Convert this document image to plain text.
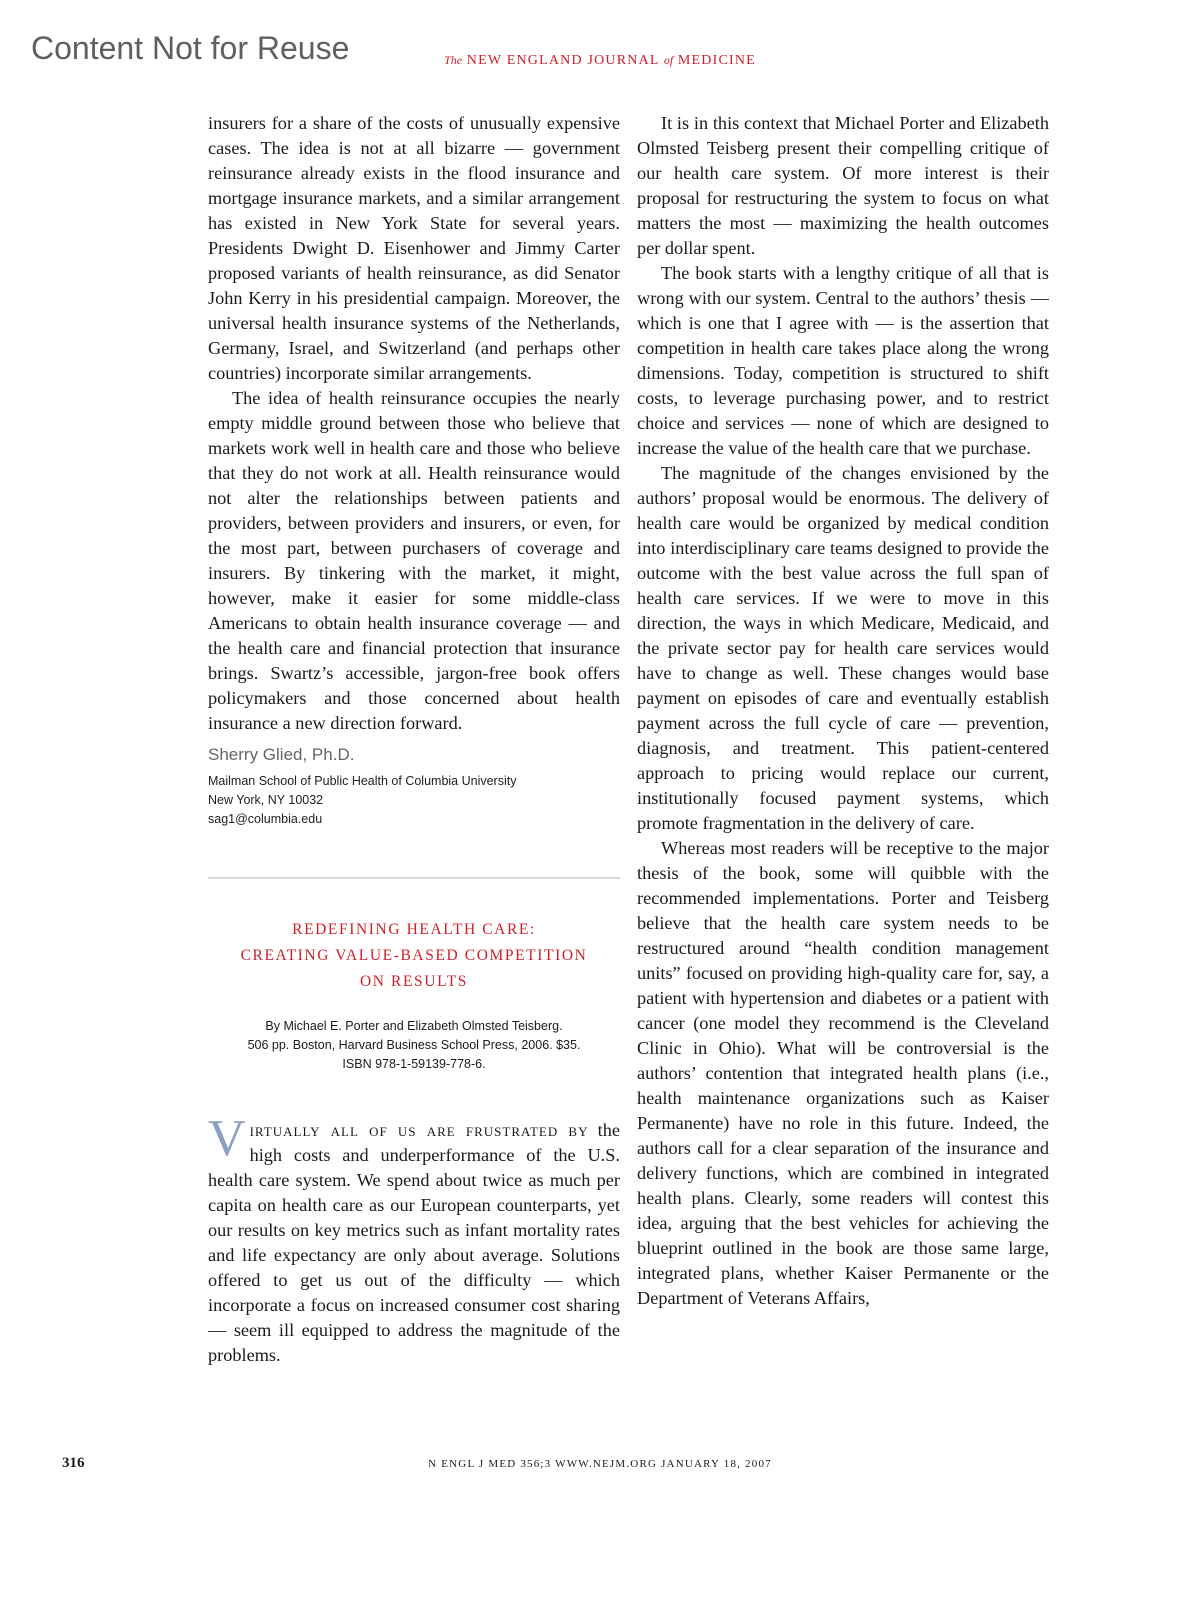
Content Not for Reuse	The NEW ENGLAND JOURNAL of MEDICINE

insurers for a share of the costs of unusually expensive cases. The idea is not at all bizarre — government reinsurance already exists in the flood insurance and mortgage insurance markets, and a similar arrangement has existed in New York State for several years. Presidents Dwight D. Eisenhower and Jimmy Carter proposed variants of health reinsurance, as did Senator John Kerry in his presidential campaign. Moreover, the universal health insurance systems of the Netherlands, Germany, Israel, and Switzerland (and perhaps other countries) incorporate similar arrangements.

The idea of health reinsurance occupies the nearly empty middle ground between those who believe that markets work well in health care and those who believe that they do not work at all. Health reinsurance would not alter the relationships between patients and providers, between providers and insurers, or even, for the most part, between purchasers of coverage and insurers. By tinkering with the market, it might, however, make it easier for some middle-class Americans to obtain health insurance coverage — and the health care and financial protection that insurance brings. Swartz’s accessible, jargon-free book offers policymakers and those concerned about health insurance a new direction forward.

Sherry Glied, Ph.D.
Mailman School of Public Health of Columbia University
New York, NY 10032
sag1@columbia.edu
REDEFINING HEALTH CARE:
CREATING VALUE-BASED COMPETITION
ON RESULTS
By Michael E. Porter and Elizabeth Olmsted Teisberg.
506 pp. Boston, Harvard Business School Press, 2006. $35.
ISBN 978-1-59139-778-6.

Virtually all of us are frustrated by the high costs and underperformance of the U.S. health care system. We spend about twice as much per capita on health care as our European counterparts, yet our results on key metrics such as infant mortality rates and life expectancy are only about average. Solutions offered to get us out of the difficulty — which incorporate a focus on increased consumer cost sharing — seem ill equipped to address the magnitude of the problems.

It is in this context that Michael Porter and Elizabeth Olmsted Teisberg present their compelling critique of our health care system. Of more interest is their proposal for restructuring the system to focus on what matters the most — maximizing the health outcomes per dollar spent.

The book starts with a lengthy critique of all that is wrong with our system. Central to the authors’ thesis — which is one that I agree with — is the assertion that competition in health care takes place along the wrong dimensions. Today, competition is structured to shift costs, to leverage purchasing power, and to restrict choice and services — none of which are designed to increase the value of the health care that we purchase.

The magnitude of the changes envisioned by the authors’ proposal would be enormous. The delivery of health care would be organized by medical condition into interdisciplinary care teams designed to provide the outcome with the best value across the full span of health care services. If we were to move in this direction, the ways in which Medicare, Medicaid, and the private sector pay for health care services would have to change as well. These changes would base payment on episodes of care and eventually establish payment across the full cycle of care — prevention, diagnosis, and treatment. This patient-centered approach to pricing would replace our current, institutionally focused payment systems, which promote fragmentation in the delivery of care.

Whereas most readers will be receptive to the major thesis of the book, some will quibble with the recommended implementations. Porter and Teisberg believe that the health care system needs to be restructured around “health condition management units” focused on providing high-quality care for, say, a patient with hypertension and diabetes or a patient with cancer (one model they recommend is the Cleveland Clinic in Ohio). What will be controversial is the authors’ contention that integrated health plans (i.e., health maintenance organizations such as Kaiser Permanente) have no role in this future. Indeed, the authors call for a clear separation of the insurance and delivery functions, which are combined in integrated health plans. Clearly, some readers will contest this idea, arguing that the best vehicles for achieving the blueprint outlined in the book are those same large, integrated plans, whether Kaiser Permanente or the Department of Veterans Affairs,

316	N ENGL J MED 356;3 WWW.NEJM.ORG JANUARY 18, 2007
